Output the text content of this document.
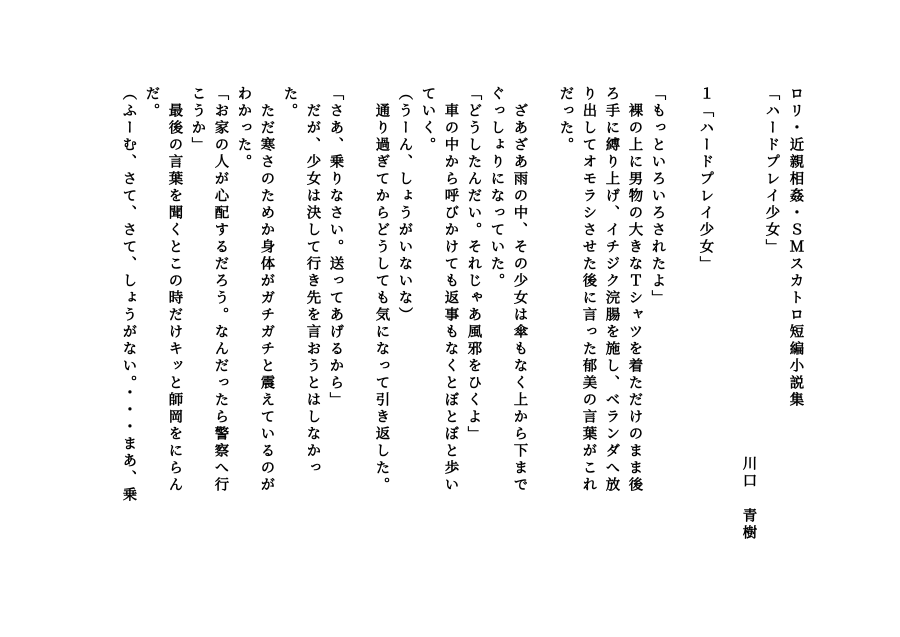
ロリ・近親相姦・ＳＭスカトロ短編小説集
「ハードプレイ少女」
川口
青樹
１「ハードプレイ少女」
「もっといろいろされたよ」
　裸の上に男物の大きなＴシャツを着ただけのまま後
ろ手に縛り上げ、イチジク浣腸を施し、ベランダへ放
り出してオモラシさせた後に言った郁美の言葉がこれ
だった。
　ざあざあ雨の中、その少女は傘もなく上から下まで
ぐっしょりになっていた。
「どうしたんだい。それじゃあ風邪をひくよ」
　車の中から呼びかけても返事もなくとぼとぼと歩い
ていく。
（うーん、しょうがいないな）
　通り過ぎてからどうしても気になって引き返した。
「さあ、乗りなさい。送ってあげるから」
　だが、少女は決して行き先を言おうとはしなかっ
た。
　ただ寒さのためか身体がガチガチと震えているのが
わかった。
「お家の人が心配するだろう。なんだったら警察へ行
こうか」
　最後の言葉を聞くとこの時だけキッと師岡をにらん
だ。
（ふーむ、さて、さて、しょうがない。・・・まあ、乗
